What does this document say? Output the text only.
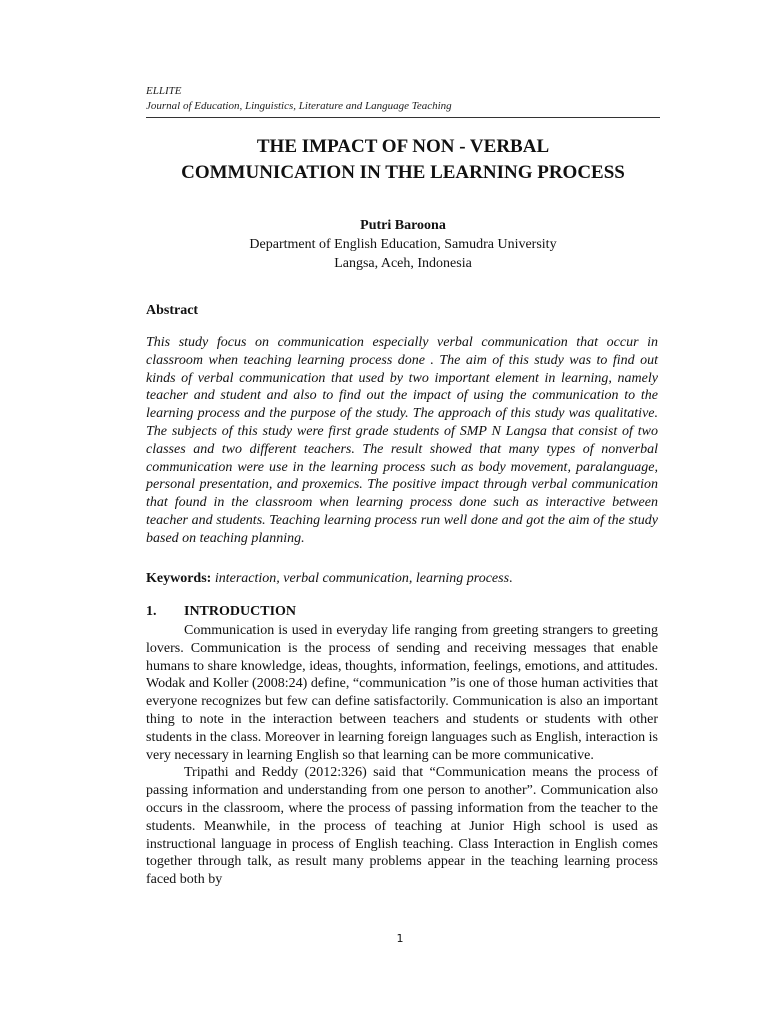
ELLITE
Journal of Education, Linguistics, Literature and Language Teaching
THE IMPACT OF NON - VERBAL
COMMUNICATION IN THE LEARNING PROCESS
Putri Baroona
Department of English Education, Samudra University
Langsa, Aceh, Indonesia
Abstract
This study focus on communication especially verbal communication that occur in classroom when teaching learning process done . The aim of this study was to find out kinds of verbal communication that used by two important element in learning, namely teacher and student and also to find out the impact of using the communication to the learning process and the purpose of the study. The approach of this study was qualitative. The subjects of this study were first grade students of SMP N Langsa that consist of two classes and two different teachers. The result showed that many types of nonverbal communication were use in the learning process such as body movement, paralanguage, personal presentation, and proxemics. The positive impact through verbal communication that found in the classroom when learning process done such as interactive between teacher and students. Teaching learning process run well done and got the aim of the study based on teaching planning.
Keywords: interaction, verbal communication, learning process.
1. INTRODUCTION

Communication is used in everyday life ranging from greeting strangers to greeting lovers. Communication is the process of sending and receiving messages that enable humans to share knowledge, ideas, thoughts, information, feelings, emotions, and attitudes. Wodak and Koller (2008:24) define, “communication ”is one of those human activities that everyone recognizes but few can define satisfactorily. Communication is also an important thing to note in the interaction between teachers and students or students with other students in the class. Moreover in learning foreign languages such as English, interaction is very necessary in learning English so that learning can be more communicative.

Tripathi and Reddy (2012:326) said that “Communication means the process of passing information and understanding from one person to another”. Communication also occurs in the classroom, where the process of passing information from the teacher to the students. Meanwhile, in the process of teaching at Junior High school is used as instructional language in process of English teaching. Class Interaction in English comes together through talk, as result many problems appear in the teaching learning process faced both by

1
